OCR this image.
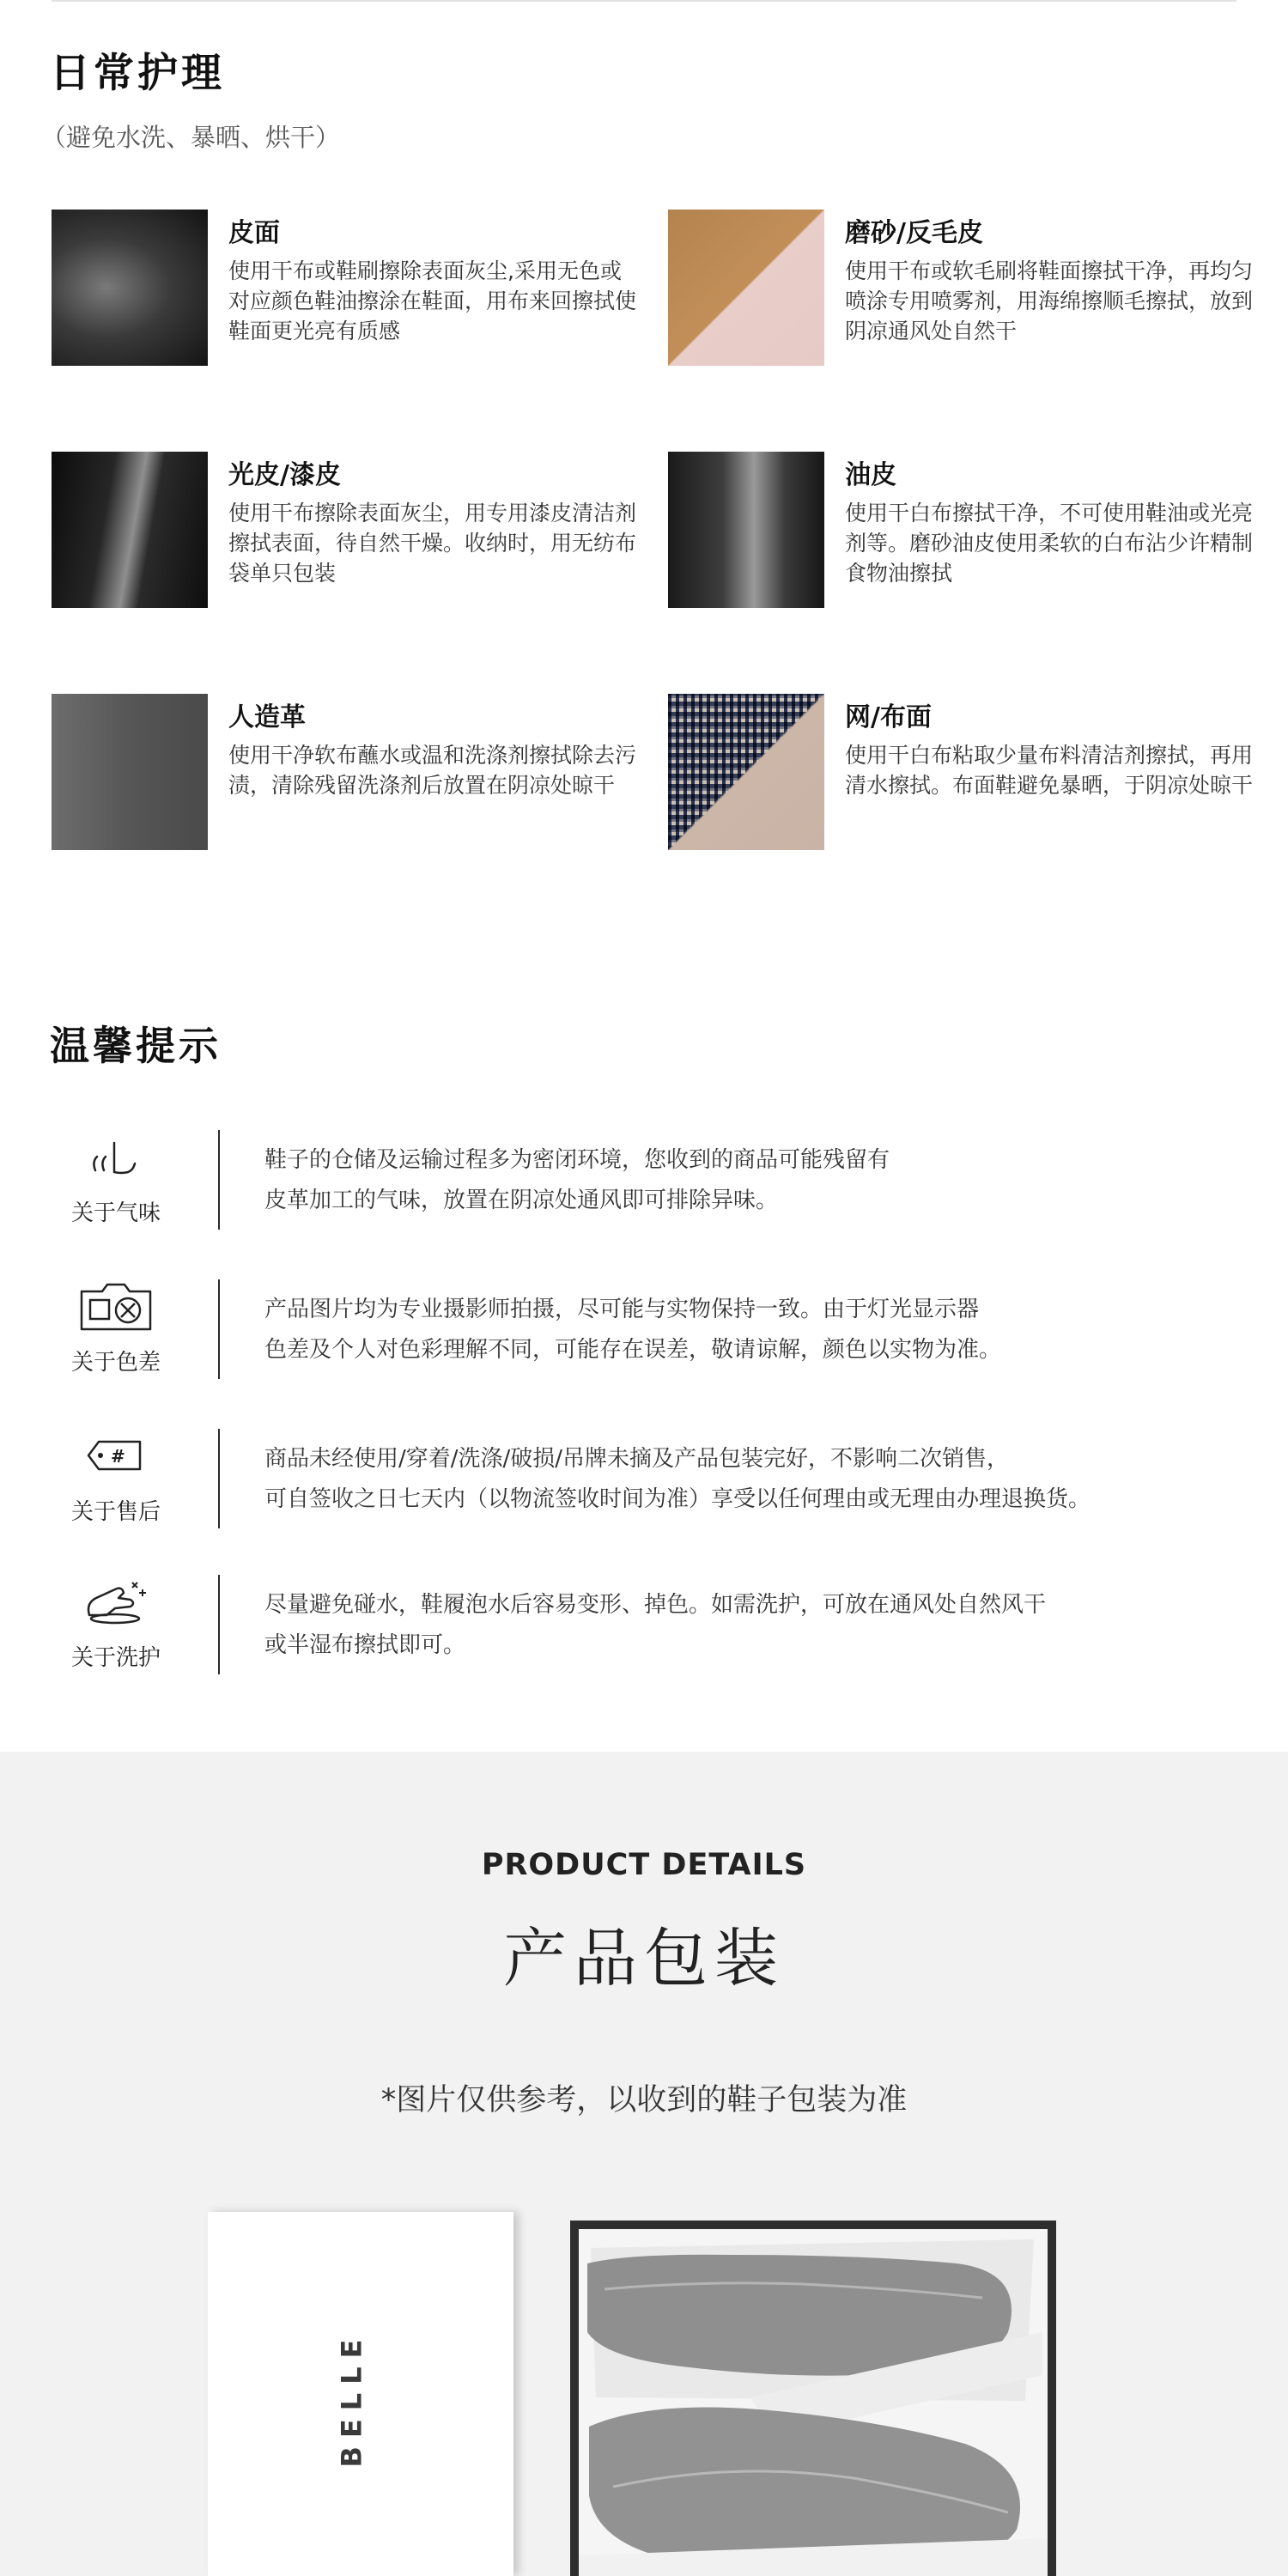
日常护理
（避免水洗、暴晒、烘干）
皮面
使用干布或鞋刷擦除表面灰尘,采用无色或对应颜色鞋油擦涂在鞋面，用布来回擦拭使鞋面更光亮有质感
磨砂/反毛皮
使用干布或软毛刷将鞋面擦拭干净，再均匀喷涂专用喷雾剂，用海绵擦顺毛擦拭，放到阴凉通风处自然干
光皮/漆皮
使用干布擦除表面灰尘，用专用漆皮清洁剂擦拭表面，待自然干燥。收纳时，用无纺布袋单只包装
油皮
使用干白布擦拭干净，不可使用鞋油或光亮剂等。磨砂油皮使用柔软的白布沾少许精制食物油擦拭
人造革
使用干净软布蘸水或温和洗涤剂擦拭除去污渍，清除残留洗涤剂后放置在阴凉处晾干
网/布面
使用干白布粘取少量布料清洁剂擦拭，再用清水擦拭。布面鞋避免暴晒，于阴凉处晾干
温馨提示
关于气味
鞋子的仓储及运输过程多为密闭环境，您收到的商品可能残留有
皮革加工的气味，放置在阴凉处通风即可排除异味。
关于色差
产品图片均为专业摄影师拍摄，尽可能与实物保持一致。由于灯光显示器
色差及个人对色彩理解不同，可能存在误差，敬请谅解，颜色以实物为准。
#
关于售后
商品未经使用/穿着/洗涤/破损/吊牌未摘及产品包装完好，不影响二次销售，
可自签收之日七天内（以物流签收时间为准）享受以任何理由或无理由办理退换货。
关于洗护
尽量避免碰水，鞋履泡水后容易变形、掉色。如需洗护，可放在通风处自然风干
或半湿布擦拭即可。
PRODUCT DETAILS
产品包装
*图片仅供参考，以收到的鞋子包装为准
BELLE
